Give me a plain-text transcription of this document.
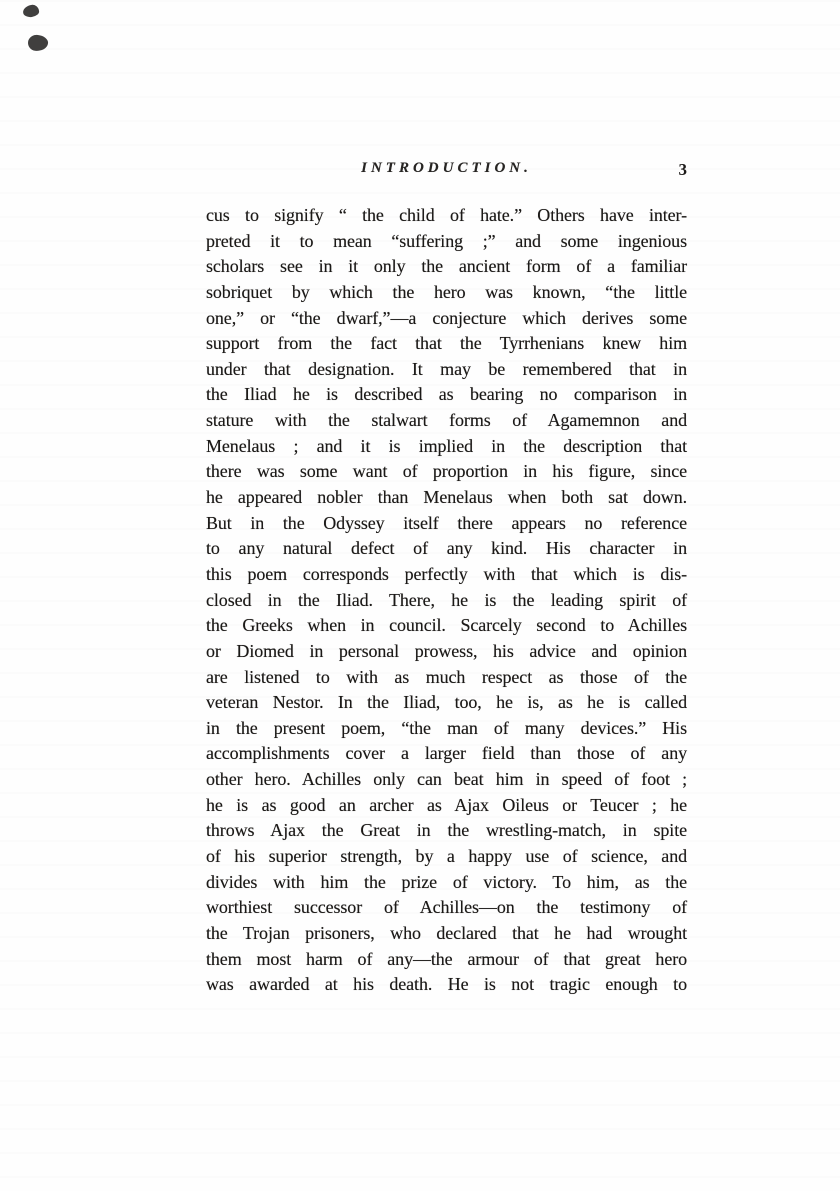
INTRODUCTION.	3
cus to signify “ the child of hate.” Others have inter-
preted it to mean “suffering ;” and some ingenious
scholars see in it only the ancient form of a familiar
sobriquet by which the hero was known, “the little
one,” or “the dwarf,”—a conjecture which derives some
support from the fact that the Tyrrhenians knew him
under that designation. It may be remembered that in
the Iliad he is described as bearing no comparison in
stature with the stalwart forms of Agamemnon and
Menelaus ; and it is implied in the description that
there was some want of proportion in his figure, since
he appeared nobler than Menelaus when both sat down.
But in the Odyssey itself there appears no reference
to any natural defect of any kind. His character in
this poem corresponds perfectly with that which is dis-
closed in the Iliad. There, he is the leading spirit of
the Greeks when in council. Scarcely second to Achilles
or Diomed in personal prowess, his advice and opinion
are listened to with as much respect as those of the
veteran Nestor. In the Iliad, too, he is, as he is called
in the present poem, “the man of many devices.” His
accomplishments cover a larger field than those of any
other hero. Achilles only can beat him in speed of foot ;
he is as good an archer as Ajax Oileus or Teucer ; he
throws Ajax the Great in the wrestling-match, in spite
of his superior strength, by a happy use of science, and
divides with him the prize of victory. To him, as the
worthiest successor of Achilles—on the testimony of
the Trojan prisoners, who declared that he had wrought
them most harm of any—the armour of that great hero
was awarded at his death. He is not tragic enough to
